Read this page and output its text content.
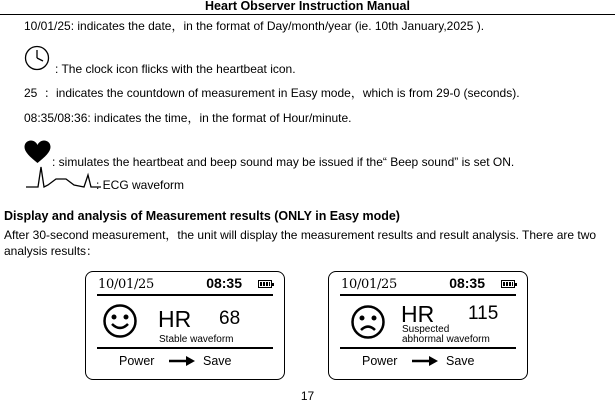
Heart Observer Instruction Manual
10/01/25: indicates the date，in the format of Day/month/year (ie. 10th January,2025 ).
: The clock icon flicks with the heartbeat icon.
25 ：indicates the countdown of measurement in Easy mode，which is from 29-0 (seconds).
08:35/08:36: indicates the time，in the format of Hour/minute.
: simulates the heartbeat and beep sound may be issued if the“ Beep sound” is set ON.
: ECG waveform
Display and analysis of Measurement results (ONLY in Easy mode)
After 30-second measurement，the unit will display the measurement results and result analysis. There are two analysis results：
10/01/25	08:35
HR 68
Stable waveform
Power	Save
10/01/25	08:35
HR 115
Suspected
abhormal waveform
Power	Save
17
